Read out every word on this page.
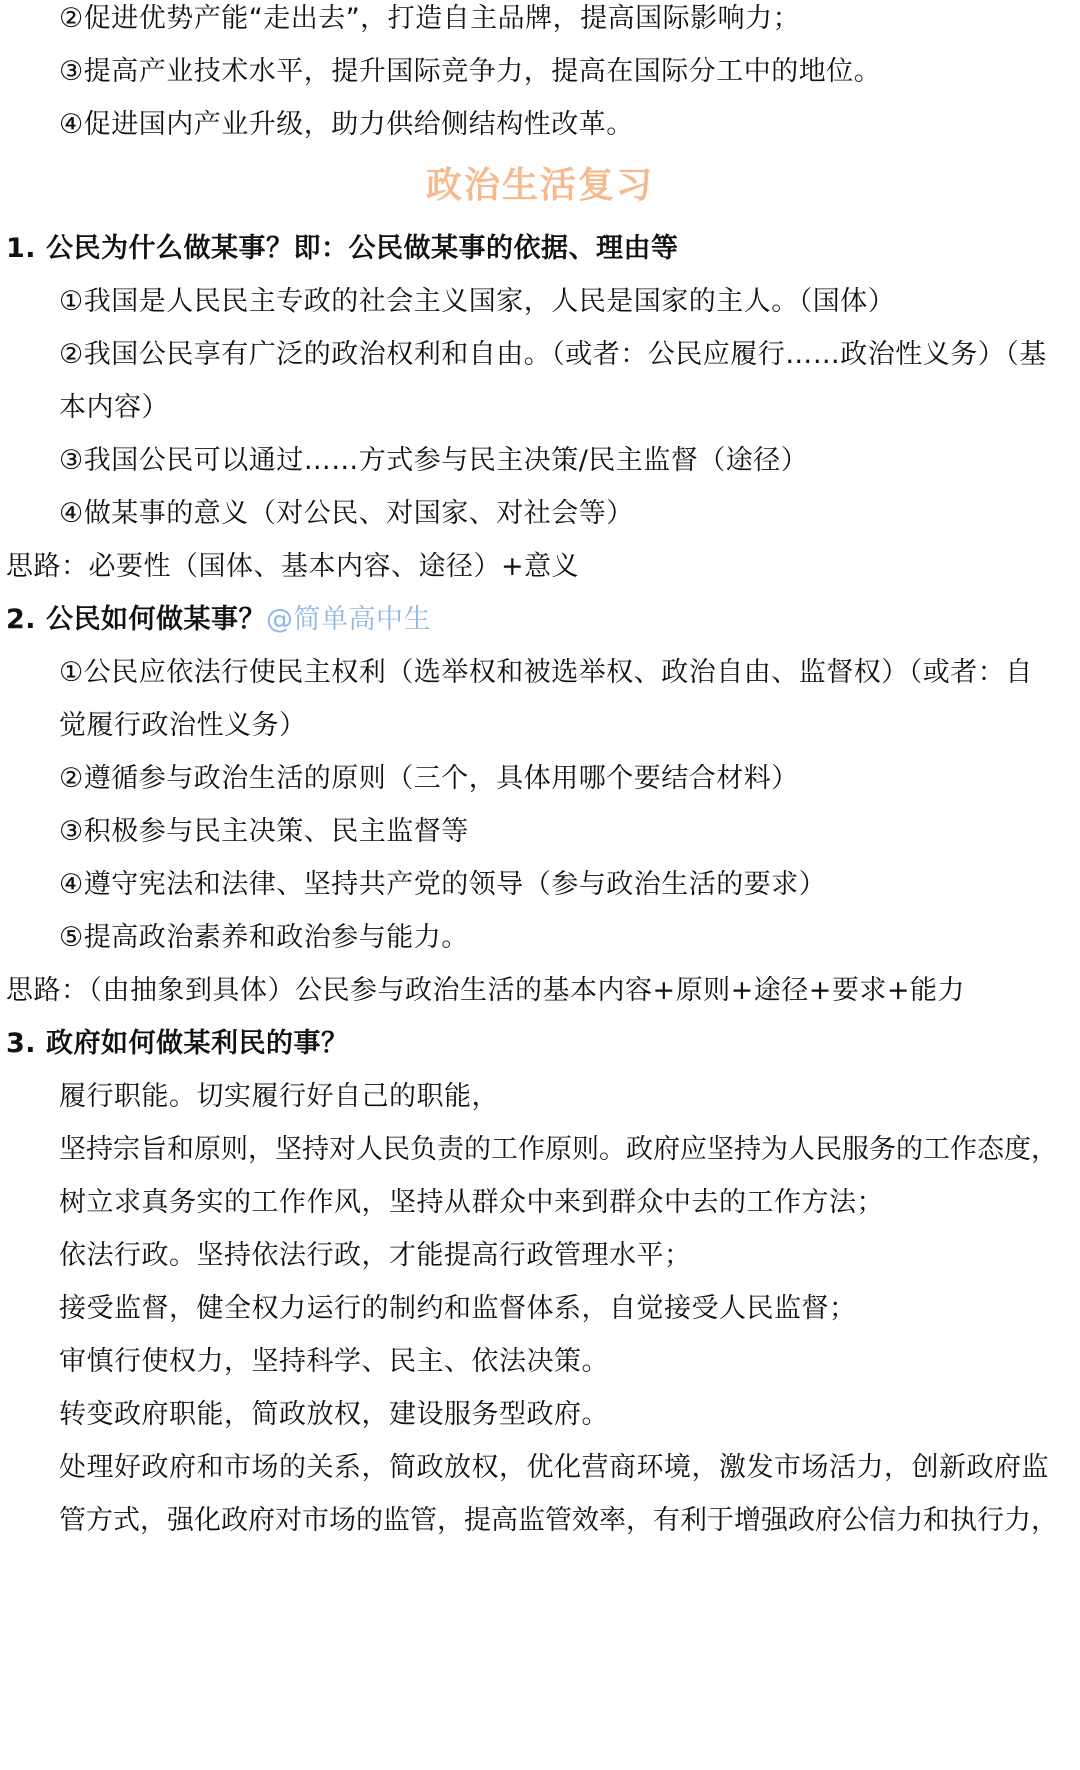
②促进优势产能“走出去”，打造自主品牌，提高国际影响力；
③提高产业技术水平，提升国际竞争力，提高在国际分工中的地位。
④促进国内产业升级，助力供给侧结构性改革。
政治生活复习
1. 公民为什么做某事？即：公民做某事的依据、理由等
①我国是人民民主专政的社会主义国家，人民是国家的主人。（国体）
②我国公民享有广泛的政治权利和自由。（或者：公民应履行……政治性义务）（基
本内容）
③我国公民可以通过……方式参与民主决策/民主监督（途径）
④做某事的意义（对公民、对国家、对社会等）
思路：必要性（国体、基本内容、途径）+意义
2. 公民如何做某事？@简单高中生
①公民应依法行使民主权利（选举权和被选举权、政治自由、监督权）（或者：自
觉履行政治性义务）
②遵循参与政治生活的原则（三个，具体用哪个要结合材料）
③积极参与民主决策、民主监督等
④遵守宪法和法律、坚持共产党的领导（参与政治生活的要求）
⑤提高政治素养和政治参与能力。
思路：（由抽象到具体）公民参与政治生活的基本内容+原则+途径+要求+能力
3. 政府如何做某利民的事？
履行职能。切实履行好自己的职能，
坚持宗旨和原则，坚持对人民负责的工作原则。政府应坚持为人民服务的工作态度，
树立求真务实的工作作风，坚持从群众中来到群众中去的工作方法；
依法行政。坚持依法行政，才能提高行政管理水平；
接受监督，健全权力运行的制约和监督体系，自觉接受人民监督；
审慎行使权力，坚持科学、民主、依法决策。
转变政府职能，简政放权，建设服务型政府。
处理好政府和市场的关系，简政放权，优化营商环境，激发市场活力，创新政府监
管方式，强化政府对市场的监管，提高监管效率，有利于增强政府公信力和执行力，
